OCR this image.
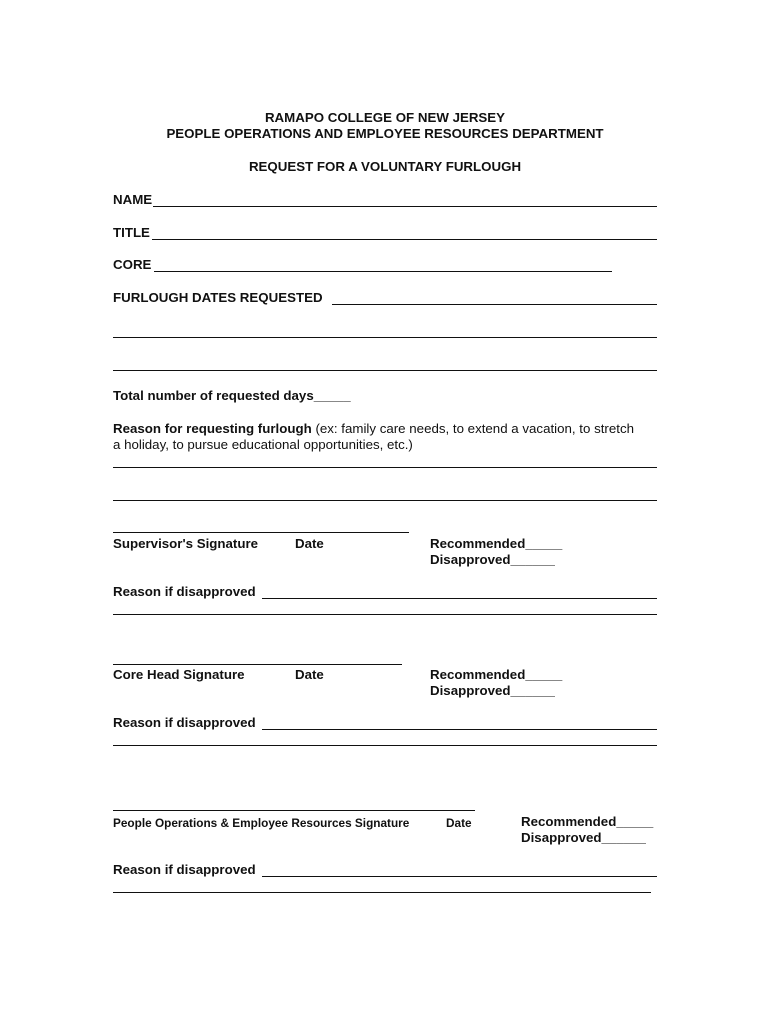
RAMAPO COLLEGE OF NEW JERSEY
PEOPLE OPERATIONS AND EMPLOYEE RESOURCES DEPARTMENT
REQUEST FOR A VOLUNTARY FURLOUGH
NAME
TITLE
CORE
FURLOUGH DATES REQUESTED
Total number of requested days_____
Reason for requesting furlough (ex: family care needs, to extend a vacation, to stretch
a holiday, to pursue educational opportunities, etc.)
Supervisor's Signature	Date	Recommended_____
Disapproved______
Reason if disapproved
Core Head Signature	Date	Recommended_____
Disapproved______
Reason if disapproved
People Operations & Employee Resources Signature	Date	Recommended_____
Disapproved______
Reason if disapproved
